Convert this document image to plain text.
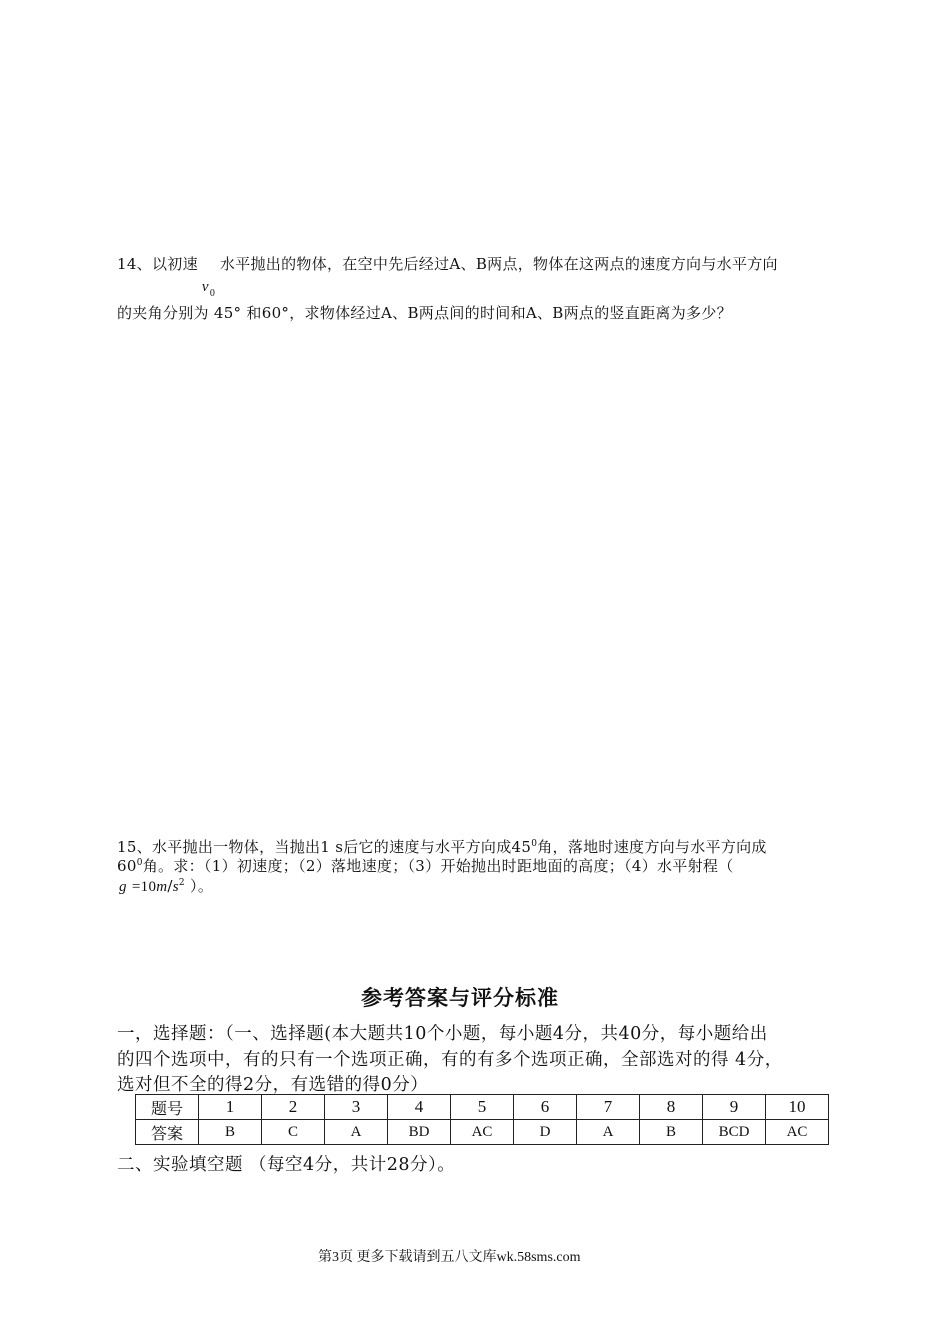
14、以初速
v 0
水平抛出的物体，在空中先后经过A、B两点，物体在这两点的速度方向与水平方向
的夹角分别为 45° 和60°，求物体经过A、B两点间的时间和A、B两点的竖直距离为多少？
15、水平抛出一物体，当抛出1 s后它的速度与水平方向成$45^0$角，落地时速度方向与水平方向成
$60^0$角。求：（1）初速度；（2）落地速度；（3）开始抛出时距地面的高度；（4）水平射程（
$g =10m/s^2$ ）。
参考答案与评分标准
一，选择题：（一、选择题(本大题共10个小题，每小题4分，共40分，每小题给出
的四个选项中，有的只有一个选项正确，有的有多个选项正确，全部选对的得 4分，
选对但不全的得2分，有选错的得0分）
题号	1	2	3	4	5	6	7	8	9	10
答案	B	C	A	BD	AC	D	A	B	BCD	AC
二、实验填空题 （每空4分，共计28分）。
第3页 更多下载请到五八文库wk.58sms.com
